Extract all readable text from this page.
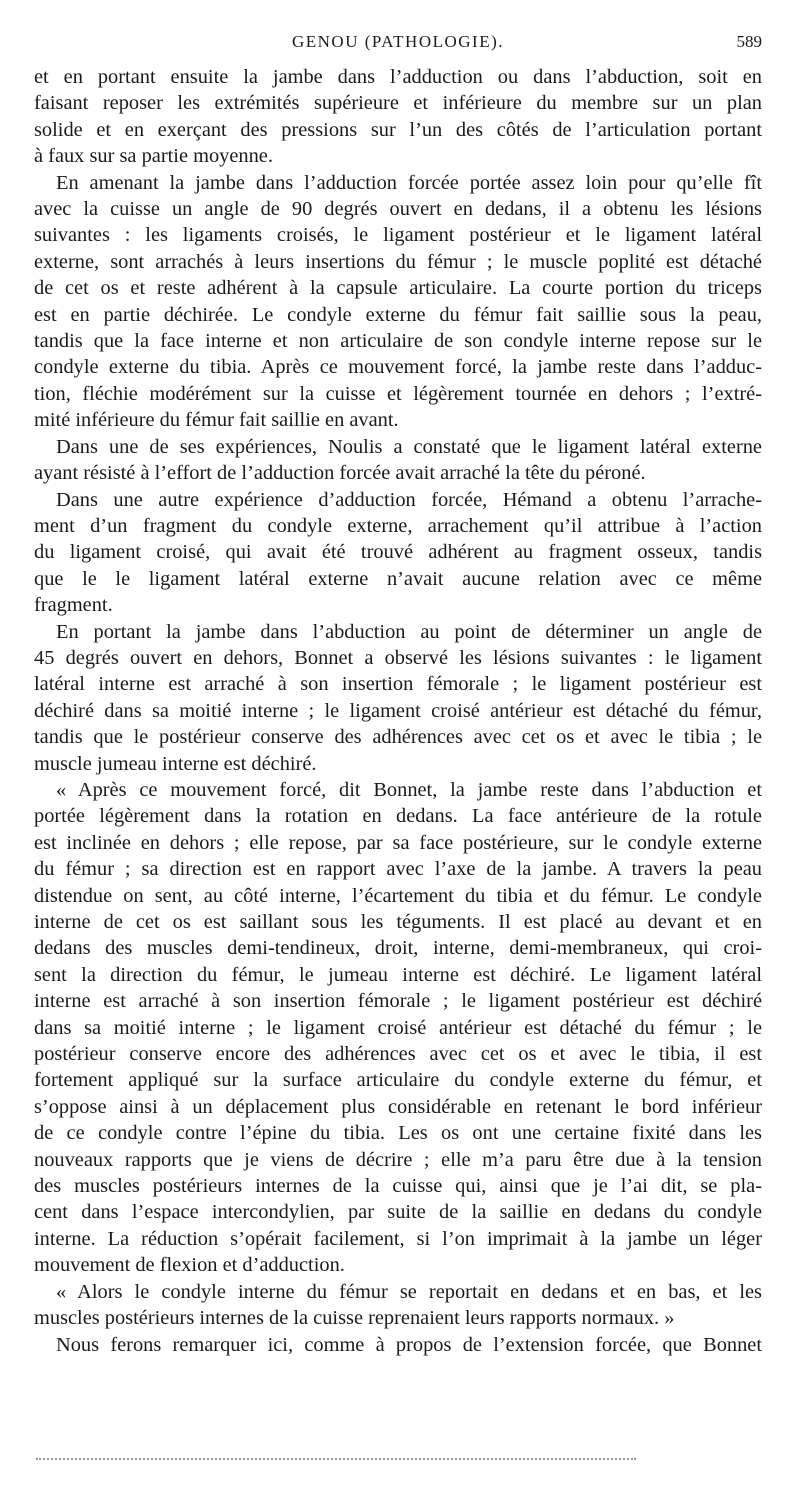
GENOU (PATHOLOGIE).	589
et en portant ensuite la jambe dans l’adduction ou dans l’abduction, soit en
faisant reposer les extrémités supérieure et inférieure du membre sur un plan
solide et en exerçant des pressions sur l’un des côtés de l’articulation portant
à faux sur sa partie moyenne.
En amenant la jambe dans l’adduction forcée portée assez loin pour qu’elle fît
avec la cuisse un angle de 90 degrés ouvert en dedans, il a obtenu les lésions
suivantes : les ligaments croisés, le ligament postérieur et le ligament latéral
externe, sont arrachés à leurs insertions du fémur ; le muscle poplité est détaché
de cet os et reste adhérent à la capsule articulaire. La courte portion du triceps
est en partie déchirée. Le condyle externe du fémur fait saillie sous la peau,
tandis que la face interne et non articulaire de son condyle interne repose sur le
condyle externe du tibia. Après ce mouvement forcé, la jambe reste dans l’adduc-
tion, fléchie modérément sur la cuisse et légèrement tournée en dehors ; l’extré-
mité inférieure du fémur fait saillie en avant.
Dans une de ses expériences, Noulis a constaté que le ligament latéral externe
ayant résisté à l’effort de l’adduction forcée avait arraché la tête du péroné.
Dans une autre expérience d’adduction forcée, Hémand a obtenu l’arrache-
ment d’un fragment du condyle externe, arrachement qu’il attribue à l’action
du ligament croisé, qui avait été trouvé adhérent au fragment osseux, tandis
que le le ligament latéral externe n’avait aucune relation avec ce même
fragment.
En portant la jambe dans l’abduction au point de déterminer un angle de
45 degrés ouvert en dehors, Bonnet a observé les lésions suivantes : le ligament
latéral interne est arraché à son insertion fémorale ; le ligament postérieur est
déchiré dans sa moitié interne ; le ligament croisé antérieur est détaché du fémur,
tandis que le postérieur conserve des adhérences avec cet os et avec le tibia ; le
muscle jumeau interne est déchiré.
« Après ce mouvement forcé, dit Bonnet, la jambe reste dans l’abduction et
portée légèrement dans la rotation en dedans. La face antérieure de la rotule
est inclinée en dehors ; elle repose, par sa face postérieure, sur le condyle externe
du fémur ; sa direction est en rapport avec l’axe de la jambe. A travers la peau
distendue on sent, au côté interne, l’écartement du tibia et du fémur. Le condyle
interne de cet os est saillant sous les téguments. Il est placé au devant et en
dedans des muscles demi-tendineux, droit, interne, demi-membraneux, qui croi-
sent la direction du fémur, le jumeau interne est déchiré. Le ligament latéral
interne est arraché à son insertion fémorale ; le ligament postérieur est déchiré
dans sa moitié interne ; le ligament croisé antérieur est détaché du fémur ; le
postérieur conserve encore des adhérences avec cet os et avec le tibia, il est
fortement appliqué sur la surface articulaire du condyle externe du fémur, et
s’oppose ainsi à un déplacement plus considérable en retenant le bord inférieur
de ce condyle contre l’épine du tibia. Les os ont une certaine fixité dans les
nouveaux rapports que je viens de décrire ; elle m’a paru être due à la tension
des muscles postérieurs internes de la cuisse qui, ainsi que je l’ai dit, se pla-
cent dans l’espace intercondylien, par suite de la saillie en dedans du condyle
interne. La réduction s’opérait facilement, si l’on imprimait à la jambe un léger
mouvement de flexion et d’adduction.
« Alors le condyle interne du fémur se reportait en dedans et en bas, et les
muscles postérieurs internes de la cuisse reprenaient leurs rapports normaux. »
Nous ferons remarquer ici, comme à propos de l’extension forcée, que Bonnet
